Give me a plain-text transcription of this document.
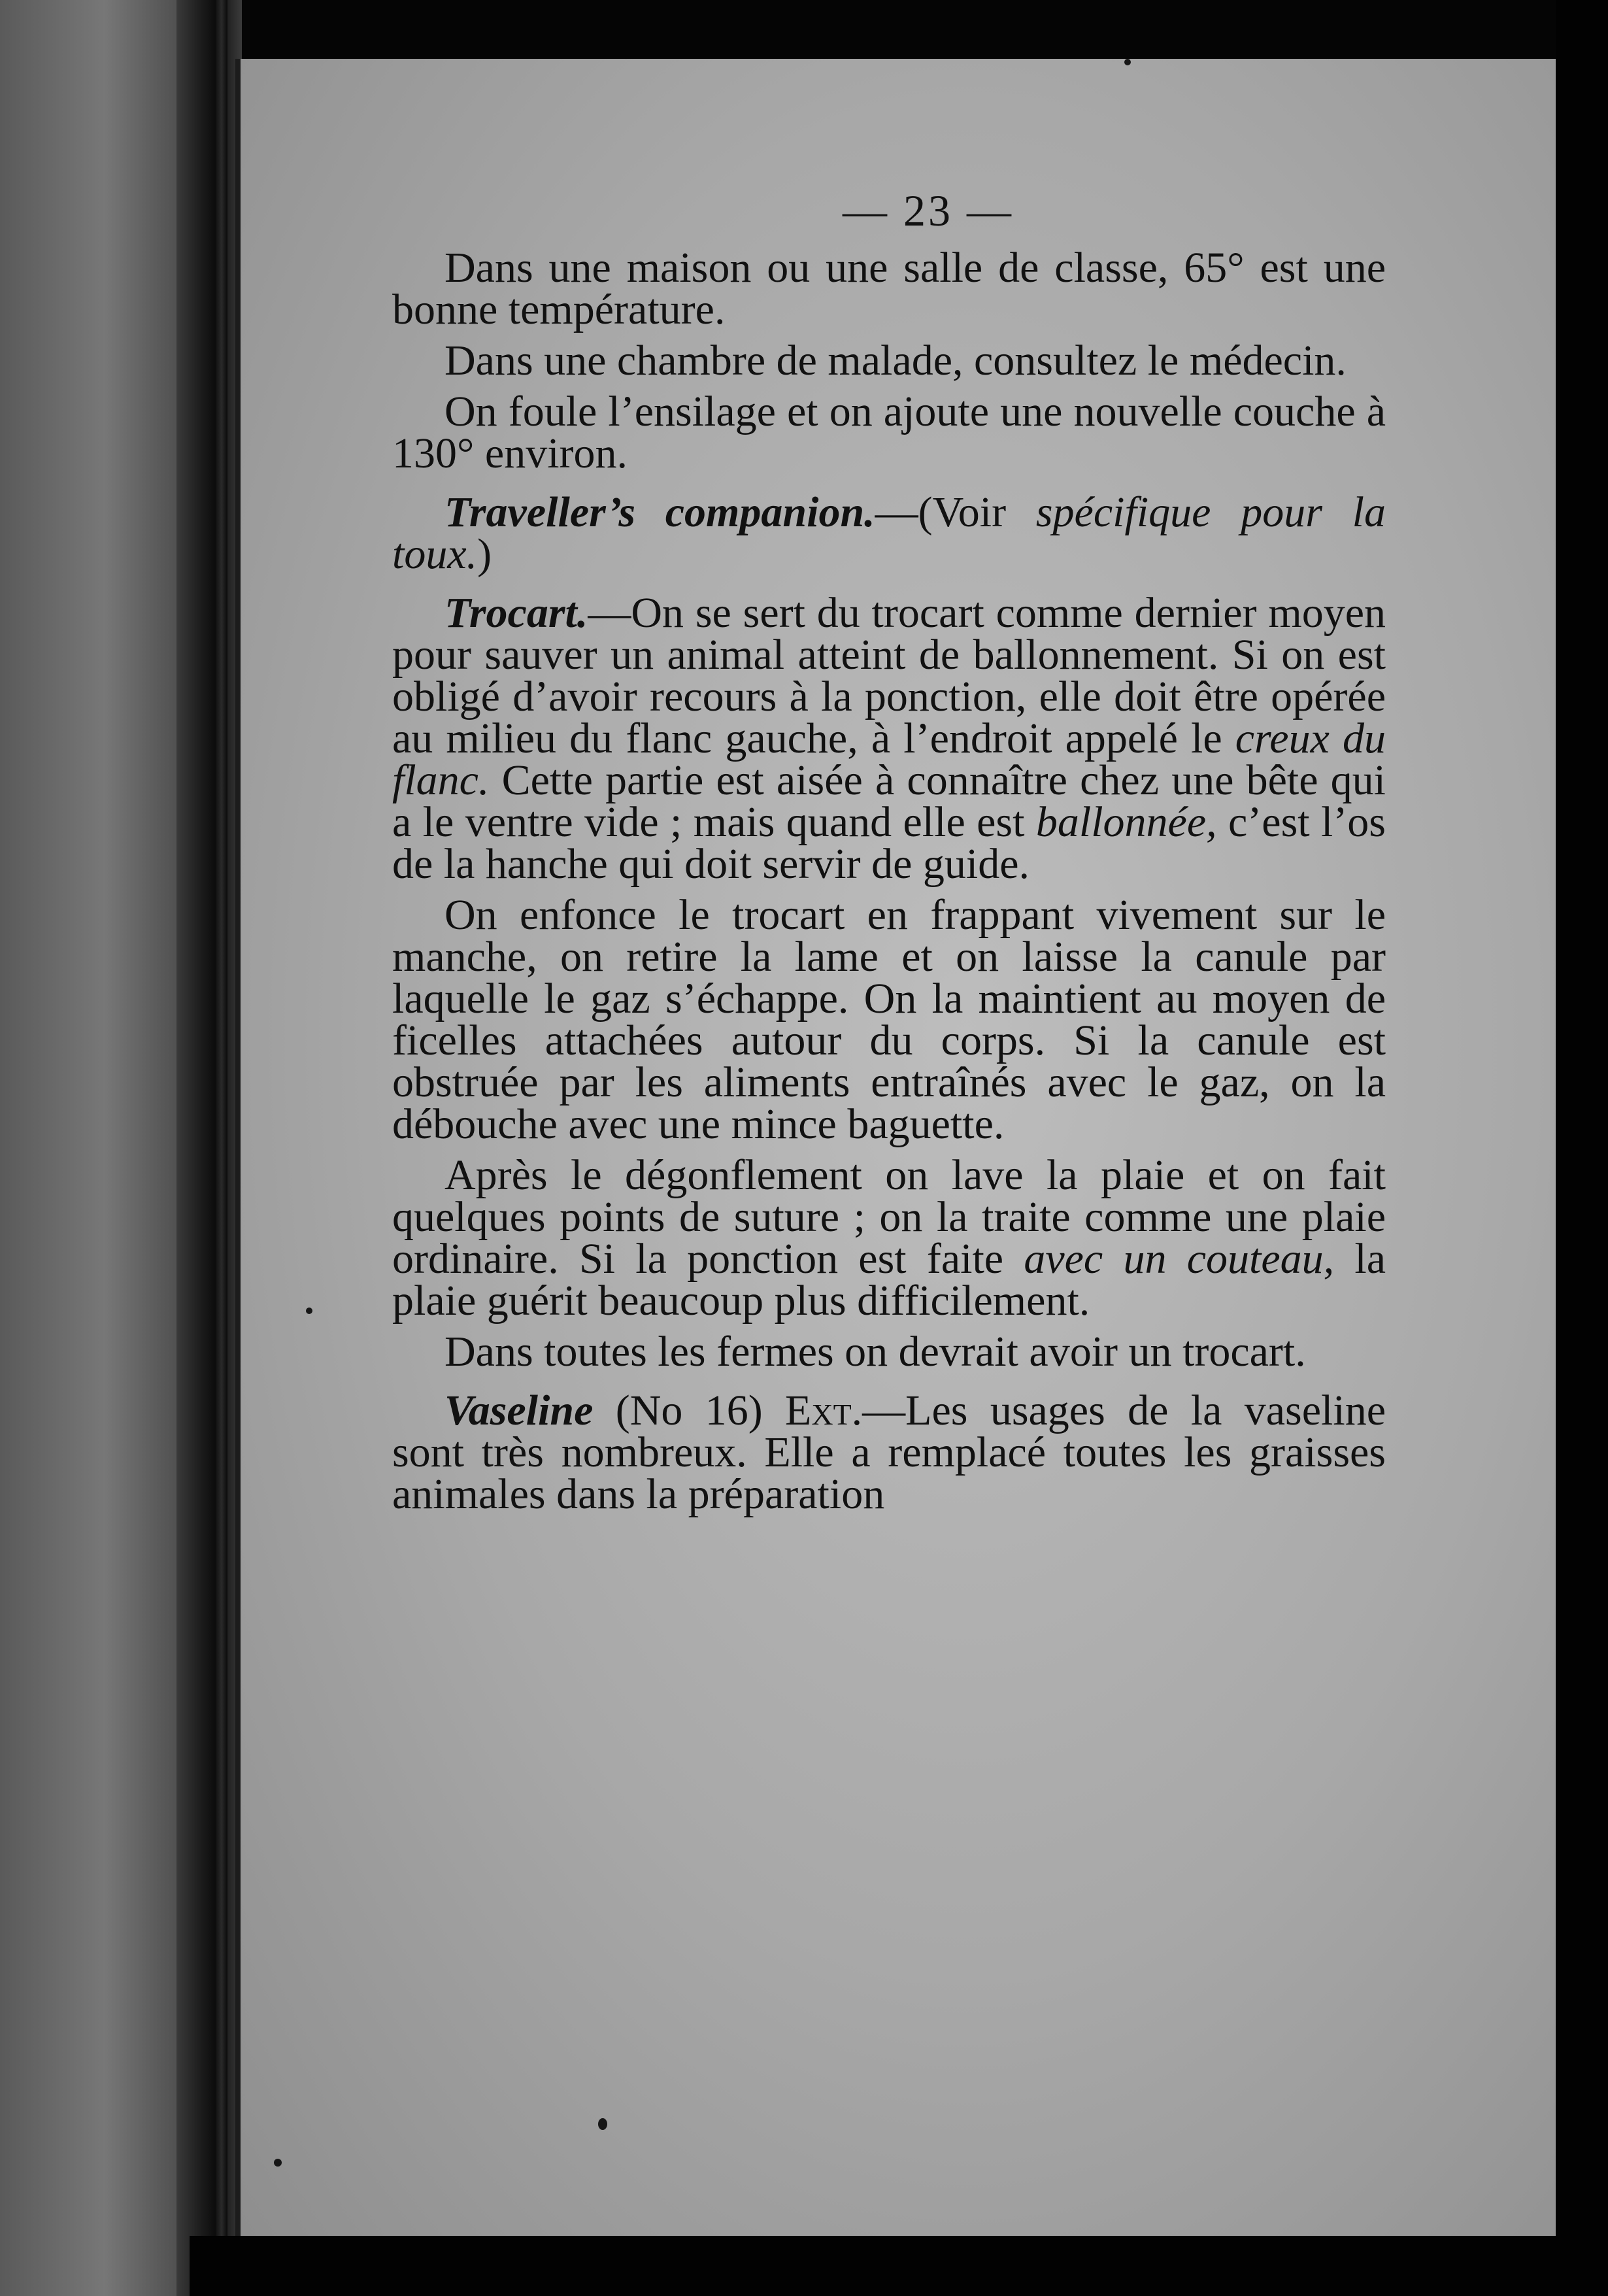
— 23 —

Dans une maison ou une salle de classe, 65° est une bonne température.

Dans une chambre de malade, consultez le médecin.

On foule l’ensilage et on ajoute une nouvelle couche à 130° environ.

Traveller’s companion.—(Voir spécifique pour la toux.)

Trocart.—On se sert du trocart comme dernier moyen pour sauver un animal atteint de ballonnement. Si on est obligé d’avoir recours à la ponction, elle doit être opérée au milieu du flanc gauche, à l’endroit appelé le creux du flanc. Cette partie est aisée à connaître chez une bête qui a le ventre vide ; mais quand elle est ballonnée, c’est l’os de la hanche qui doit servir de guide.

On enfonce le trocart en frappant vivement sur le manche, on retire la lame et on laisse la canule par laquelle le gaz s’échappe. On la maintient au moyen de ficelles attachées autour du corps. Si la canule est obstruée par les aliments entraînés avec le gaz, on la débouche avec une mince baguette.

Après le dégonflement on lave la plaie et on fait quelques points de suture ; on la traite comme une plaie ordinaire. Si la ponction est faite avec un couteau, la plaie guérit beaucoup plus difficilement.

Dans toutes les fermes on devrait avoir un trocart.

Vaseline (No 16) Ext.—Les usages de la vaseline sont très nombreux. Elle a remplacé toutes les graisses animales dans la préparation
